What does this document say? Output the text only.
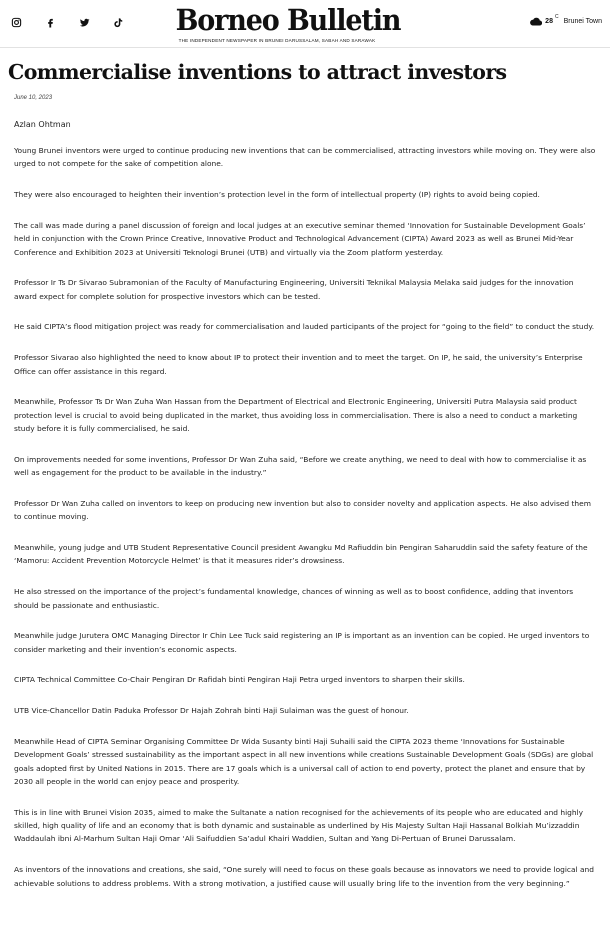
Borneo Bulletin
THE INDEPENDENT NEWSPAPER IN BRUNEI DARUSSALAM, SABAH AND SARAWAK
28
C
Brunei Town
Commercialise inventions to attract investors
June 10, 2023
Azlan Ohtman

Young Brunei inventors were urged to continue producing new inventions that can be commercialised, attracting investors while moving on. They were also urged to not compete for the sake of competition alone.

They were also encouraged to heighten their invention’s protection level in the form of intellectual property (IP) rights to avoid being copied.

The call was made during a panel discussion of foreign and local judges at an executive seminar themed ‘Innovation for Sustainable Development Goals’ held in conjunction with the Crown Prince Creative, Innovative Product and Technological Advancement (CIPTA) Award 2023 as well as Brunei Mid-Year Conference and Exhibition 2023 at Universiti Teknologi Brunei (UTB) and virtually via the Zoom platform yesterday.

Professor Ir Ts Dr Sivarao Subramonian of the Faculty of Manufacturing Engineering, Universiti Teknikal Malaysia Melaka said judges for the innovation award expect for complete solution for prospective investors which can be tested.

He said CIPTA’s flood mitigation project was ready for commercialisation and lauded participants of the project for “going to the field” to conduct the study.

Professor Sivarao also highlighted the need to know about IP to protect their invention and to meet the target. On IP, he said, the university’s Enterprise Office can offer assistance in this regard.

Meanwhile, Professor Ts Dr Wan Zuha Wan Hassan from the Department of Electrical and Electronic Engineering, Universiti Putra Malaysia said product protection level is crucial to avoid being duplicated in the market, thus avoiding loss in commercialisation. There is also a need to conduct a marketing study before it is fully commercialised, he said.

On improvements needed for some inventions, Professor Dr Wan Zuha said, “Before we create anything, we need to deal with how to commercialise it as well as engagement for the product to be available in the industry.”

Professor Dr Wan Zuha called on inventors to keep on producing new invention but also to consider novelty and application aspects. He also advised them to continue moving.

Meanwhile, young judge and UTB Student Representative Council president Awangku Md Rafiuddin bin Pengiran Saharuddin said the safety feature of the ‘Mamoru: Accident Prevention Motorcycle Helmet’ is that it measures rider’s drowsiness.

He also stressed on the importance of the project’s fundamental knowledge, chances of winning as well as to boost confidence, adding that inventors should be passionate and enthusiastic.

Meanwhile judge Jurutera OMC Managing Director Ir Chin Lee Tuck said registering an IP is important as an invention can be copied. He urged inventors to consider marketing and their invention’s economic aspects.

CIPTA Technical Committee Co-Chair Pengiran Dr Rafidah binti Pengiran Haji Petra urged inventors to sharpen their skills.

UTB Vice-Chancellor Datin Paduka Professor Dr Hajah Zohrah binti Haji Sulaiman was the guest of honour.

Meanwhile Head of CIPTA Seminar Organising Committee Dr Wida Susanty binti Haji Suhaili said the CIPTA 2023 theme ‘Innovations for Sustainable Development Goals’ stressed sustainability as the important aspect in all new inventions while creations Sustainable Development Goals (SDGs) are global goals adopted first by United Nations in 2015. There are 17 goals which is a universal call of action to end poverty, protect the planet and ensure that by 2030 all people in the world can enjoy peace and prosperity.

This is in line with Brunei Vision 2035, aimed to make the Sultanate a nation recognised for the achievements of its people who are educated and highly skilled, high quality of life and an economy that is both dynamic and sustainable as underlined by His Majesty Sultan Haji Hassanal Bolkiah Mu’izzaddin Waddaulah ibni Al-Marhum Sultan Haji Omar ‘Ali Saifuddien Sa’adul Khairi Waddien, Sultan and Yang Di-Pertuan of Brunei Darussalam.

As inventors of the innovations and creations, she said, “One surely will need to focus on these goals because as innovators we need to provide logical and achievable solutions to address problems. With a strong motivation, a justified cause will usually bring life to the invention from the very beginning.”
